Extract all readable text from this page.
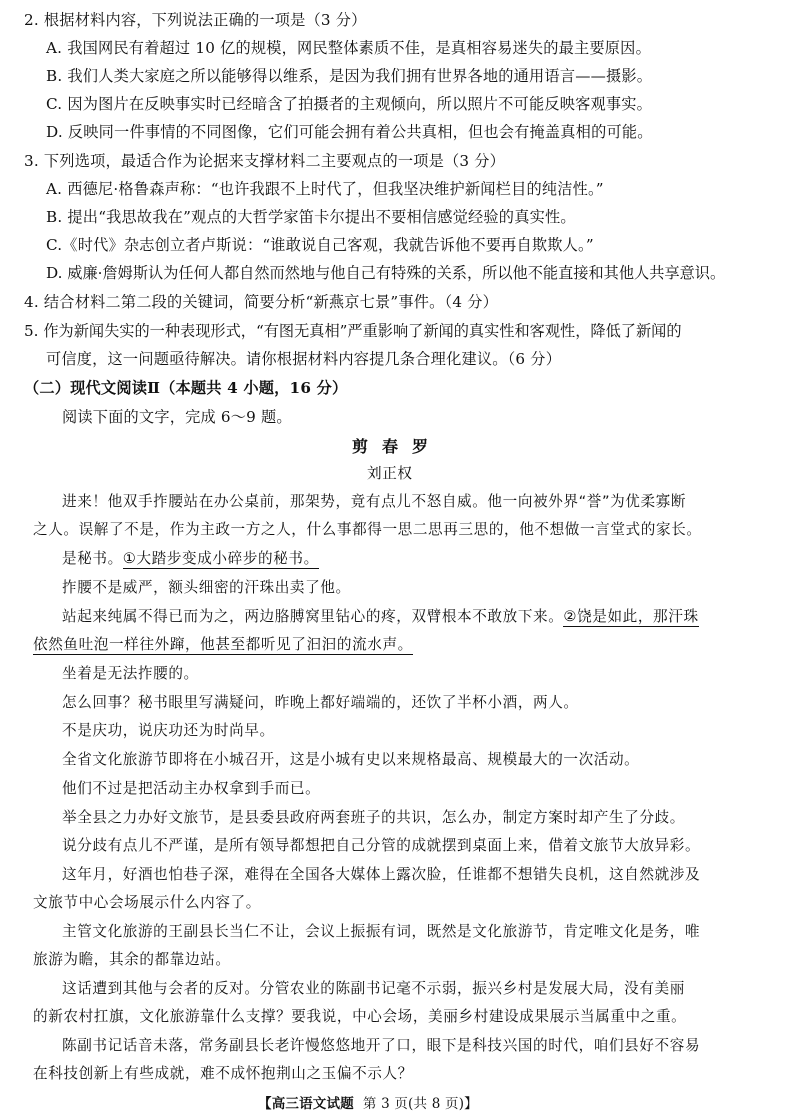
2. 根据材料内容，下列说法正确的一项是（3 分）
A. 我国网民有着超过 10 亿的规模，网民整体素质不佳，是真相容易迷失的最主要原因。
B. 我们人类大家庭之所以能够得以维系，是因为我们拥有世界各地的通用语言——摄影。
C. 因为图片在反映事实时已经暗含了拍摄者的主观倾向，所以照片不可能反映客观事实。
D. 反映同一件事情的不同图像，它们可能会拥有着公共真相，但也会有掩盖真相的可能。
3. 下列选项，最适合作为论据来支撑材料二主要观点的一项是（3 分）
A. 西德尼·格鲁森声称：“也许我跟不上时代了，但我坚决维护新闻栏目的纯洁性。”
B. 提出“我思故我在”观点的大哲学家笛卡尔提出不要相信感觉经验的真实性。
C.《时代》杂志创立者卢斯说：“谁敢说自己客观，我就告诉他不要再自欺欺人。”
D. 威廉·詹姆斯认为任何人都自然而然地与他自己有特殊的关系，所以他不能直接和其他人共享意识。
4. 结合材料二第二段的关键词，简要分析“新燕京七景”事件。（4 分）
5. 作为新闻失实的一种表现形式，“有图无真相”严重影响了新闻的真实性和客观性，降低了新闻的
可信度，这一问题亟待解决。请你根据材料内容提几条合理化建议。（6 分）
（二）现代文阅读Ⅱ（本题共 4 小题，16 分）
阅读下面的文字，完成 6～9 题。
剪春罗
刘正权
进来！他双手拃腰站在办公桌前，那架势，竟有点儿不怒自威。他一向被外界“誉”为优柔寡断
之人。误解了不是，作为主政一方之人，什么事都得一思二思再三思的，他不想做一言堂式的家长。
是秘书。①大踏步变成小碎步的秘书。
拃腰不是威严，额头细密的汗珠出卖了他。
站起来纯属不得已而为之，两边胳膊窝里钻心的疼，双臂根本不敢放下来。②饶是如此，那汗珠
依然鱼吐泡一样往外蹿，他甚至都听见了汩汩的流水声。
坐着是无法拃腰的。
怎么回事？秘书眼里写满疑问，昨晚上都好端端的，还饮了半杯小酒，两人。
不是庆功，说庆功还为时尚早。
全省文化旅游节即将在小城召开，这是小城有史以来规格最高、规模最大的一次活动。
他们不过是把活动主办权拿到手而已。
举全县之力办好文旅节，是县委县政府两套班子的共识，怎么办，制定方案时却产生了分歧。
说分歧有点儿不严谨，是所有领导都想把自己分管的成就摆到桌面上来，借着文旅节大放异彩。
这年月，好酒也怕巷子深，难得在全国各大媒体上露次脸，任谁都不想错失良机，这自然就涉及
文旅节中心会场展示什么内容了。
主管文化旅游的王副县长当仁不让，会议上振振有词，既然是文化旅游节，肯定唯文化是务，唯
旅游为瞻，其余的都靠边站。
这话遭到其他与会者的反对。分管农业的陈副书记毫不示弱，振兴乡村是发展大局，没有美丽
的新农村扛旗，文化旅游靠什么支撑？要我说，中心会场，美丽乡村建设成果展示当属重中之重。
陈副书记话音未落，常务副县长老许慢悠悠地开了口，眼下是科技兴国的时代，咱们县好不容易
在科技创新上有些成就，难不成怀抱荆山之玉偏不示人？
【高三语文试题 第 3 页(共 8 页)】
